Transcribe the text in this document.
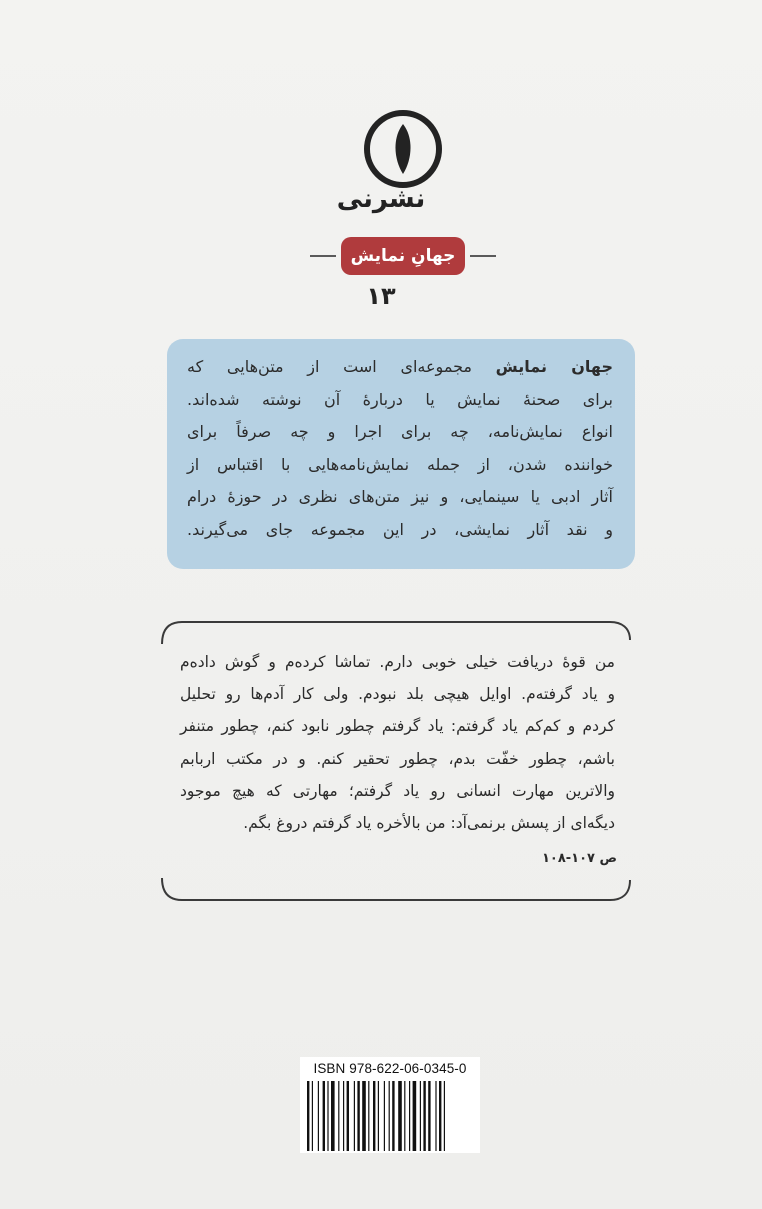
نشرنی
جهانِ نمایش
۱۳
جهان نمایش مجموعه‌ای است از متن‌هایی که
برای صحنهٔ نمایش یا دربارهٔ آن نوشته شده‌اند.
انواع نمایش‌نامه، چه برای اجرا و چه صرفاً برای
خواننده شدن، از جمله نمایش‌نامه‌هایی با اقتباس از
آثار ادبی یا سینمایی، و نیز متن‌های نظری در حوزهٔ درام
و نقد آثار نمایشی، در این مجموعه جای می‌گیرند.
من قوهٔ دریافت خیلی خوبی دارم. تماشا کرده‌م و گوش داده‌م
و یاد گرفته‌م. اوایل هیچی بلد نبودم. ولی کار آدم‌ها رو تحلیل
کردم و کم‌کم یاد گرفتم: یاد گرفتم چطور نابود کنم، چطور متنفر
باشم، چطور خفّت بدم، چطور تحقیر کنم. و در مکتب اربابم
والاترین مهارت انسانی رو یاد گرفتم؛ مهارتی که هیچ موجود
دیگه‌ای از پسش برنمی‌آد: من بالأخره یاد گرفتم دروغ بگم.
ص ۱۰۷-۱۰۸
ISBN 978-622-06-0345-0
